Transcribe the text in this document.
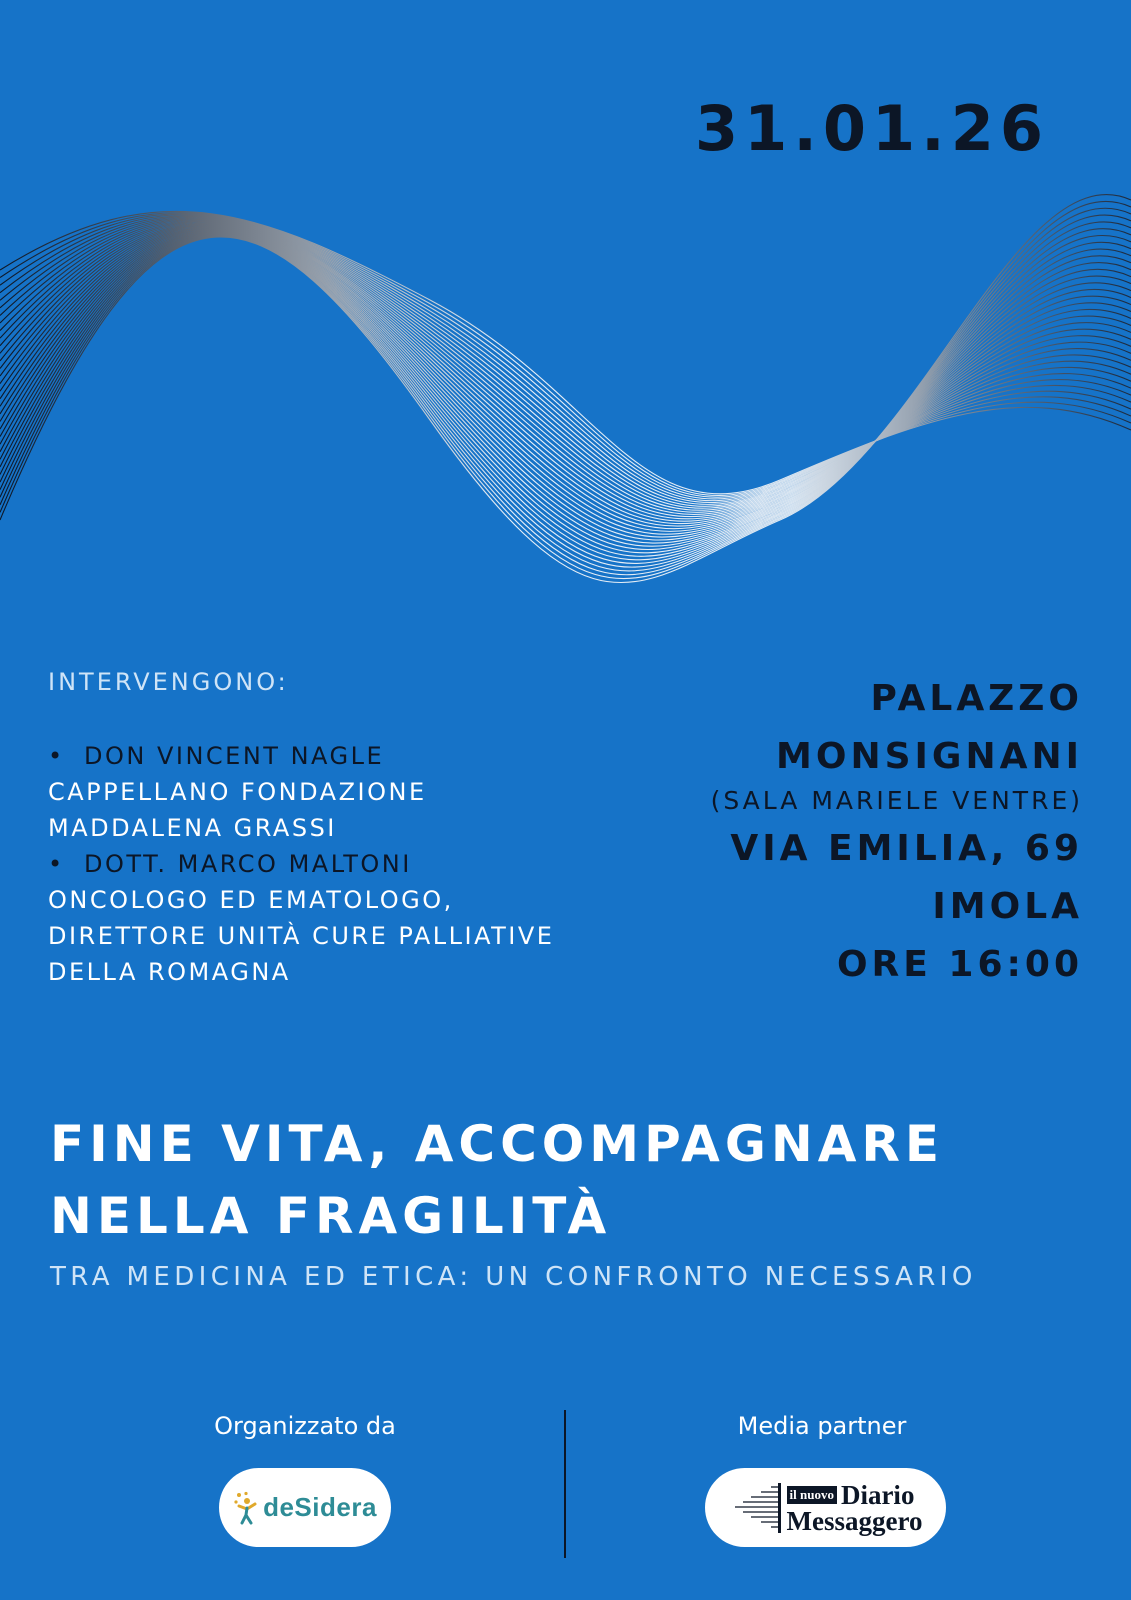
31.01.26
INTERVENGONO:
• DON VINCENT NAGLE
CAPPELLANO FONDAZIONE
MADDALENA GRASSI
• DOTT. MARCO MALTONI
ONCOLOGO ED EMATOLOGO,
DIRETTORE UNITÀ CURE PALLIATIVE
DELLA ROMAGNA
PALAZZO
MONSIGNANI
(SALA MARIELE VENTRE)
VIA EMILIA, 69
IMOLA
ORE 16:00
FINE VITA, ACCOMPAGNARE
NELLA FRAGILITÀ
TRA MEDICINA ED ETICA: UN CONFRONTO NECESSARIO
Organizzato da	Media partner
deSidera	il nuovo Diario
Messaggero
